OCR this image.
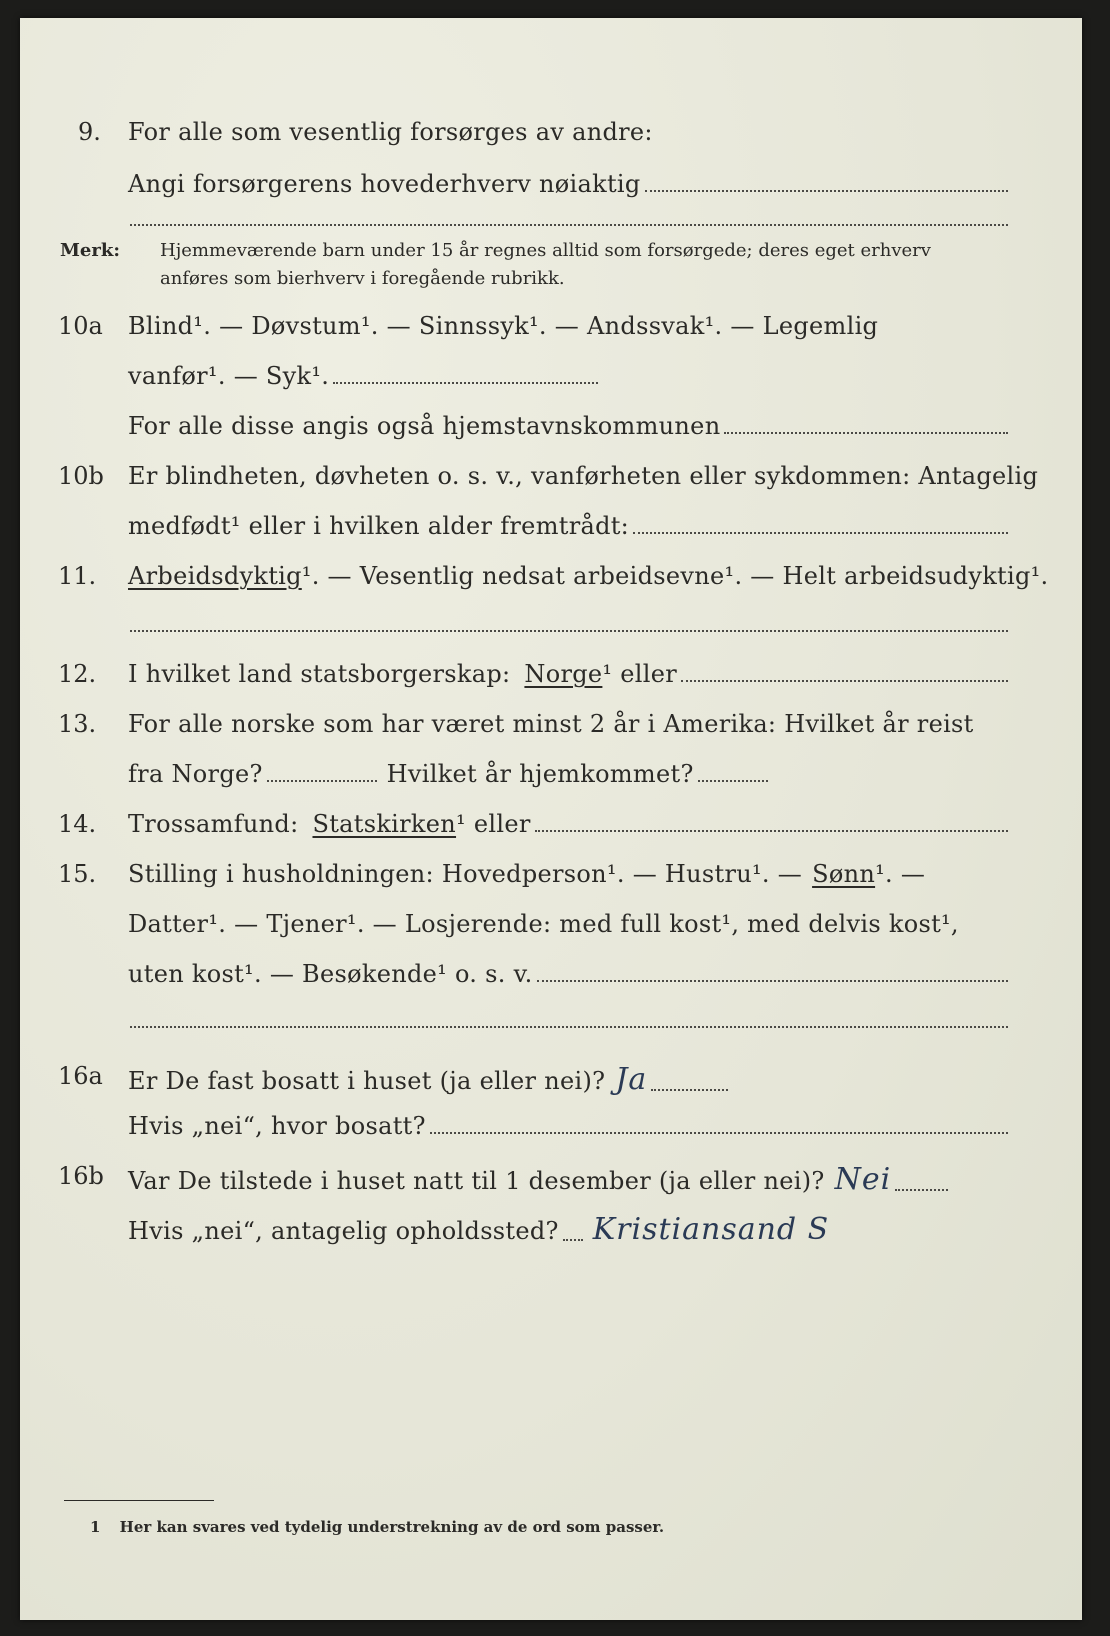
9. For alle som vesentlig forsørges av andre:
Angi forsørgerens hovederhverv nøiaktig
Merk: Hjemmeværende barn under 15 år regnes alltid som forsørgede; deres eget erhverv
anføres som bierhverv i foregående rubrikk.
10a Blind¹. — Døvstum¹. — Sinnssyk¹. — Andssvak¹. — Legemlig
vanfør¹. — Syk¹.
For alle disse angis også hjemstavnskommunen
10b Er blindheten, døvheten o. s. v., vanførheten eller sykdommen: Antagelig
medfødt¹ eller i hvilken alder fremtrådt:
11. Arbeidsdyktig ¹. — Vesentlig nedsat arbeidsevne¹. — Helt arbeidsudyktig¹.
12. I hvilket land statsborgerskap: Norge ¹ eller
13. For alle norske som har været minst 2 år i Amerika: Hvilket år reist
fra Norge?	Hvilket år hjemkommet?
14. Trossamfund: Statskirken ¹ eller
15. Stilling i husholdningen: Hovedperson¹. — Hustru¹. — Sønn ¹. —
Datter¹. — Tjener¹. — Losjerende: med full kost¹, med delvis kost¹,
uten kost¹. — Besøkende¹ o. s. v.
16a Er De fast bosatt i huset (ja eller nei)? Ja
Hvis „nei“, hvor bosatt?
16b Var De tilstede i huset natt til 1 desember (ja eller nei)? Nei
Hvis „nei“, antagelig opholdssted? Kristiansand S
1 Her kan svares ved tydelig understrekning av de ord som passer.
